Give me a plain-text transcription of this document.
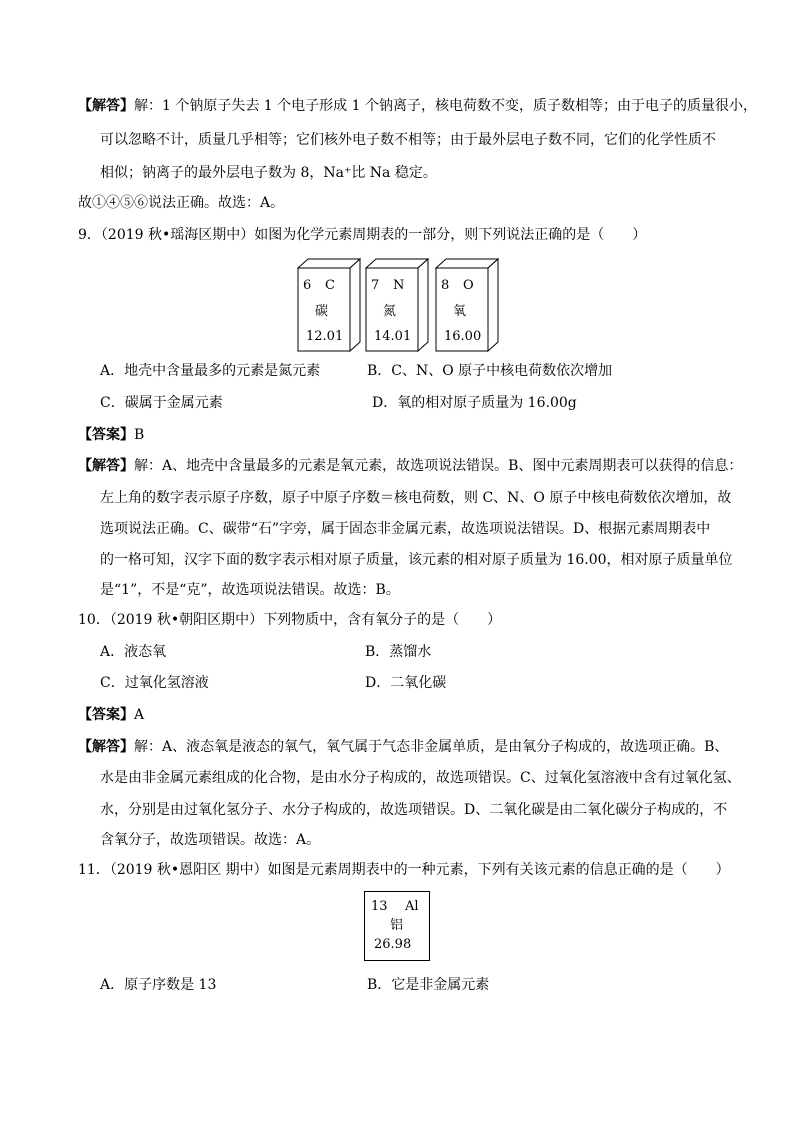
【解答】解：1 个钠原子失去 1 个电子形成 1 个钠离子，核电荷数不变，质子数相等；由于电子的质量很小，
可以忽略不计，质量几乎相等；它们核外电子数不相等；由于最外层电子数不同，它们的化学性质不
相似；钠离子的最外层电子数为 8，Na⁺比 Na 稳定。
故①④⑤⑥说法正确。故选：A。
9．（2019 秋•瑶海区期中）如图为化学元素周期表的一部分，则下列说法正确的是（　　）
6 C
碳
12.01
7 N
氮
14.01
8 O
氧
16.00
A．地壳中含量最多的元素是氮元素	B．C、N、O 原子中核电荷数依次增加
C．碳属于金属元素	D．氧的相对原子质量为 16.00g
【答案】B
【解答】解：A、地壳中含量最多的元素是氧元素，故选项说法错误。B、图中元素周期表可以获得的信息：
左上角的数字表示原子序数，原子中原子序数＝核电荷数，则 C、N、O 原子中核电荷数依次增加，故
选项说法正确。C、碳带“石”字旁，属于固态非金属元素，故选项说法错误。D、根据元素周期表中
的一格可知，汉字下面的数字表示相对原子质量，该元素的相对原子质量为 16.00，相对原子质量单位
是“1”，不是“克”，故选项说法错误。故选：B。
10．（2019 秋•朝阳区期中）下列物质中，含有氧分子的是（　　）
A．液态氧	B．蒸馏水
C．过氧化氢溶液	D．二氧化碳
【答案】A
【解答】解：A、液态氧是液态的氧气，氧气属于气态非金属单质，是由氧分子构成的，故选项正确。B、
水是由非金属元素组成的化合物，是由水分子构成的，故选项错误。C、过氧化氢溶液中含有过氧化氢、
水，分别是由过氧化氢分子、水分子构成的，故选项错误。D、二氧化碳是由二氧化碳分子构成的，不
含氧分子，故选项错误。故选：A。
11．（2019 秋•恩阳区 期中）如图是元素周期表中的一种元素，下列有关该元素的信息正确的是（　　）
13 Al
铝
26.98
A．原子序数是 13	B．它是非金属元素
